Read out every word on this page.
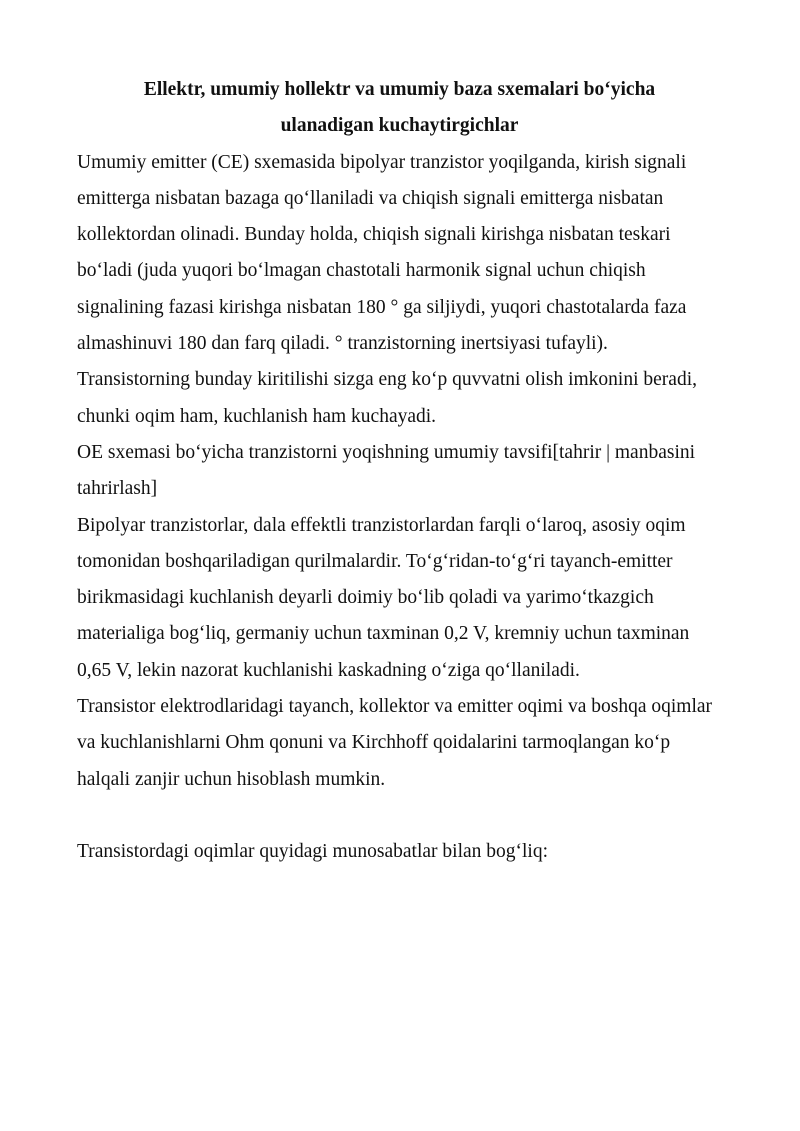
Ellektr, umumiy hollektr va umumiy baza sxemalari bo‘yicha
ulanadigan kuchaytirgichlar

Umumiy emitter (CE) sxemasida bipolyar tranzistor yoqilganda, kirish signali emitterga nisbatan bazaga qo‘llaniladi va chiqish signali emitterga nisbatan kollektordan olinadi. Bunday holda, chiqish signali kirishga nisbatan teskari bo‘ladi (juda yuqori bo‘lmagan chastotali harmonik signal uchun chiqish signalining fazasi kirishga nisbatan 180 ° ga siljiydi, yuqori chastotalarda faza almashinuvi 180 dan farq qiladi. ° tranzistorning inertsiyasi tufayli).

Transistorning bunday kiritilishi sizga eng ko‘p quvvatni olish imkonini beradi, chunki oqim ham, kuchlanish ham kuchayadi.

OE sxemasi bo‘yicha tranzistorni yoqishning umumiy tavsifi[tahrir | manbasini tahrirlash]

Bipolyar tranzistorlar, dala effektli tranzistorlardan farqli o‘laroq, asosiy oqim tomonidan boshqariladigan qurilmalardir. To‘g‘ridan-to‘g‘ri tayanch-emitter birikmasidagi kuchlanish deyarli doimiy bo‘lib qoladi va yarimo‘tkazgich materialiga bog‘liq, germaniy uchun taxminan 0,2 V, kremniy uchun taxminan 0,65 V, lekin nazorat kuchlanishi kaskadning o‘ziga qo‘llaniladi.

Transistor elektrodlaridagi tayanch, kollektor va emitter oqimi va boshqa oqimlar va kuchlanishlarni Ohm qonuni va Kirchhoff qoidalarini tarmoqlangan ko‘p halqali zanjir uchun hisoblash mumkin.

Transistordagi oqimlar quyidagi munosabatlar bilan bog‘liq:
